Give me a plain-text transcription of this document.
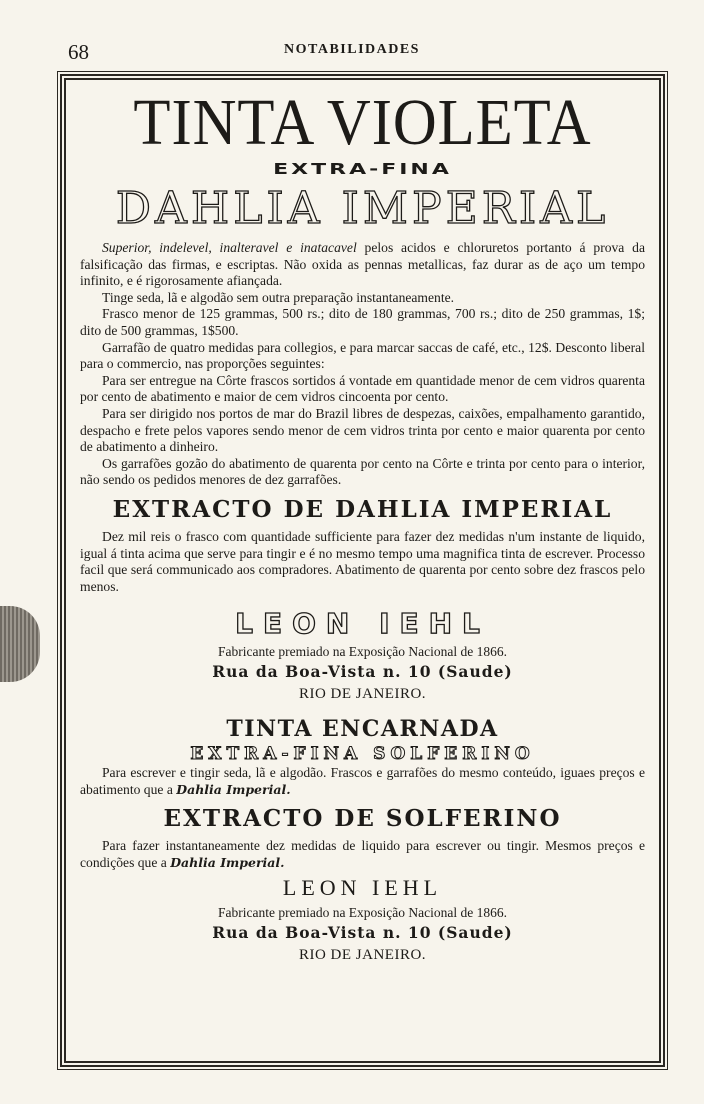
68	NOTABILIDADES
TINTA VIOLETA
EXTRA-FINA
DAHLIA IMPERIAL

Superior, indelevel, inalteravel e inatacavel pelos acidos e chloruretos portanto á prova da falsificação das firmas, e escriptas. Não oxida as pennas metallicas, faz durar as de aço um tempo infinito, e é rigorosamente afiançada.

Tinge seda, lã e algodão sem outra preparação instantaneamente.

Frasco menor de 125 grammas, 500 rs.; dito de 180 grammas, 700 rs.; dito de 250 grammas, 1$; dito de 500 grammas, 1$500.

Garrafão de quatro medidas para collegios, e para marcar saccas de café, etc., 12$. Desconto liberal para o commercio, nas proporções seguintes:

Para ser entregue na Côrte frascos sortidos á vontade em quantidade menor de cem vidros quarenta por cento de abatimento e maior de cem vidros cincoenta por cento.

Para ser dirigido nos portos de mar do Brazil libres de despezas, caixões, empalhamento garantido, despacho e frete pelos vapores sendo menor de cem vidros trinta por cento e maior quarenta por cento de abatimento a dinheiro.

Os garrafões gozão do abatimento de quarenta por cento na Côrte e trinta por cento para o interior, não sendo os pedidos menores de dez garrafões.

EXTRACTO DE DAHLIA IMPERIAL

Dez mil reis o frasco com quantidade sufficiente para fazer dez medidas n'um instante de liquido, igual á tinta acima que serve para tingir e é no mesmo tempo uma magnifica tinta de escrever. Processo facil que será communicado aos compradores. Abatimento de quarenta por cento sobre dez frascos pelo menos.

LEON IEHL
Fabricante premiado na Exposição Nacional de 1866.
Rua da Boa-Vista n. 10 (Saude)
RIO DE JANEIRO.
TINTA ENCARNADA
EXTRA-FINA SOLFERINO

Para escrever e tingir seda, lã e algodão. Frascos e garrafões do mesmo conteúdo, iguaes preços e abatimento que a Dahlia Imperial.

EXTRACTO DE SOLFERINO

Para fazer instantaneamente dez medidas de liquido para escrever ou tingir. Mesmos preços e condições que a Dahlia Imperial.

LEON IEHL
Fabricante premiado na Exposição Nacional de 1866.
Rua da Boa-Vista n. 10 (Saude)
RIO DE JANEIRO.
